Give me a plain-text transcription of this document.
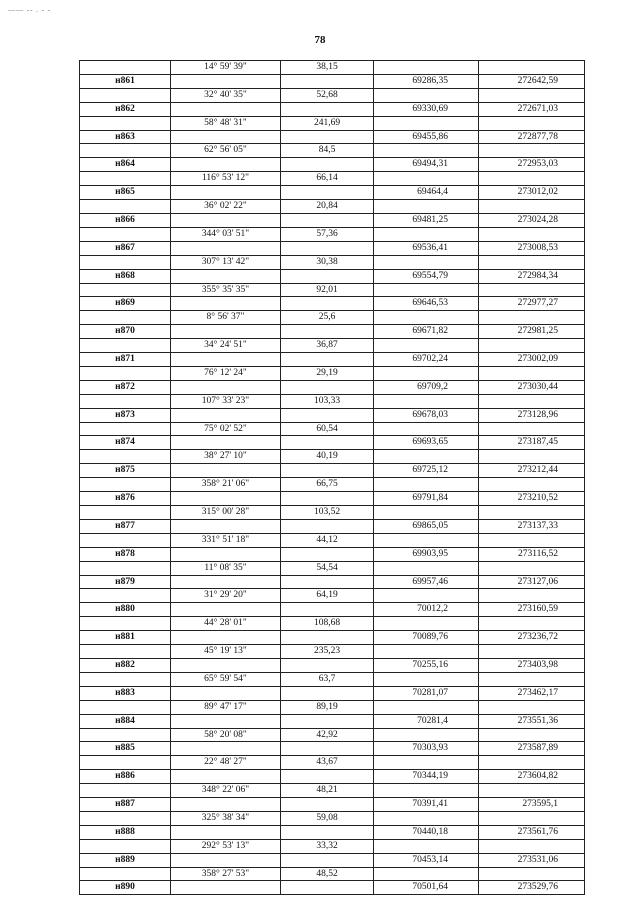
—— -- . - -
78
	14° 59' 39"	38,15		
н861			69286,35	272642,59
	32° 40' 35"	52,68		
н862			69330,69	272671,03
	58° 48' 31"	241,69		
н863			69455,86	272877,78
	62° 56' 05"	84,5		
н864			69494,31	272953,03
	116° 53' 12"	66,14		
н865			69464,4	273012,02
	36° 02' 22"	20,84		
н866			69481,25	273024,28
	344° 03' 51"	57,36		
н867			69536,41	273008,53
	307° 13' 42"	30,38		
н868			69554,79	272984,34
	355° 35' 35"	92,01		
н869			69646,53	272977,27
	8° 56' 37"	25,6		
н870			69671,82	272981,25
	34° 24' 51"	36,87		
н871			69702,24	273002,09
	76° 12' 24"	29,19		
н872			69709,2	273030,44
	107° 33' 23"	103,33		
н873			69678,03	273128,96
	75° 02' 52"	60,54		
н874			69693,65	273187,45
	38° 27' 10"	40,19		
н875			69725,12	273212,44
	358° 21' 06"	66,75		
н876			69791,84	273210,52
	315° 00' 28"	103,52		
н877			69865,05	273137,33
	331° 51' 18"	44,12		
н878			69903,95	273116,52
	11° 08' 35"	54,54		
н879			69957,46	273127,06
	31° 29' 20"	64,19		
н880			70012,2	273160,59
	44° 28' 01"	108,68		
н881			70089,76	273236,72
	45° 19' 13"	235,23		
н882			70255,16	273403,98
	65° 59' 54"	63,7		
н883			70281,07	273462,17
	89° 47' 17"	89,19		
н884			70281,4	273551,36
	58° 20' 08"	42,92		
н885			70303,93	273587,89
	22° 48' 27"	43,67		
н886			70344,19	273604,82
	348° 22' 06"	48,21		
н887			70391,41	273595,1
	325° 38' 34"	59,08		
н888			70440,18	273561,76
	292° 53' 13"	33,32		
н889			70453,14	273531,06
	358° 27' 53"	48,52		
н890			70501,64	273529,76
